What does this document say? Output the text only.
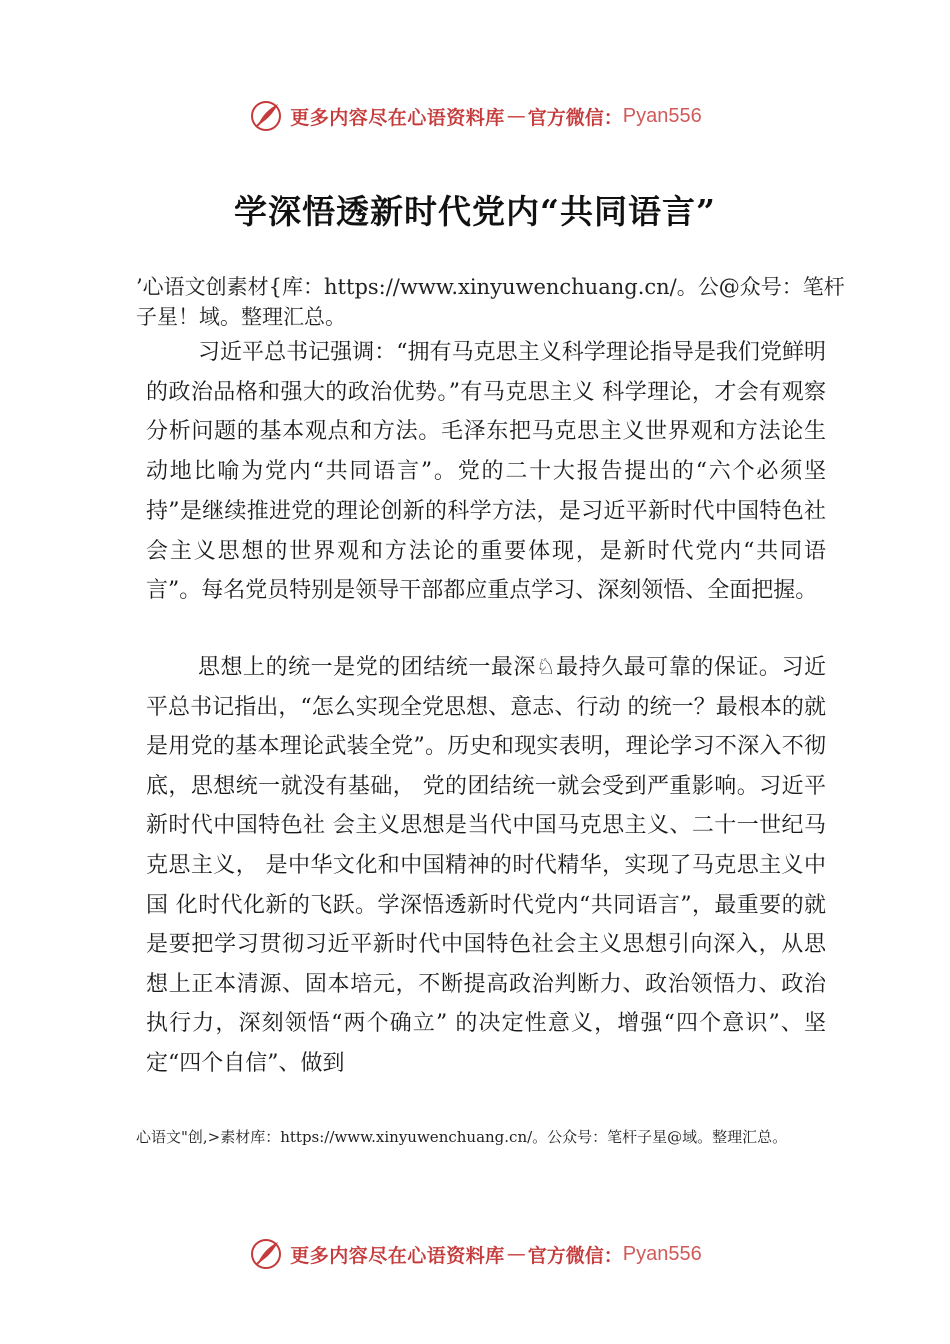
更多内容尽在心语资料库 — 官方微信： Pyan556
学深悟透新时代党内“共同语言”
’心语文创素材{库：https://www.xinyuwenchuang.cn/。公@众号：笔杆子星！域。整理汇总。
习近平总书记强调：“拥有马克思主义科学理论指导是我们党鲜明的政治品格和强大的政治优势。”有马克思主义 科学理论，才会有观察分析问题的基本观点和方法。毛泽东把马克思主义世界观和方法论生动地比喻为党内“共同语言”。党的二十大报告提出的“六个必须坚持”是继续推进党的理论创新的科学方法，是习近平新时代中国特色社会主义思想的世界观和方法论的重要体现，是新时代党内“共同语言”。每名党员特别是领导干部都应重点学习、深刻领悟、全面把握。
思想上的统一是党的团结统一最深♘最持久最可靠的保证。习近平总书记指出，“怎么实现全党思想、意志、行动 的统一？最根本的就是用党的基本理论武装全党”。历史和现实表明，理论学习不深入不彻底，思想统一就没有基础， 党的团结统一就会受到严重影响。习近平新时代中国特色社 会主义思想是当代中国马克思主义、二十一世纪马克思主义， 是中华文化和中国精神的时代精华，实现了马克思主义中国 化时代化新的飞跃。学深悟透新时代党内“共同语言”，最重要的就是要把学习贯彻习近平新时代中国特色社会主义思想引向深入，从思想上正本清源、固本培元，不断提高政治判断力、政治领悟力、政治执行力，深刻领悟“两个确立” 的决定性意义，增强“四个意识”、坚定“四个自信”、做到
心语文"创,>素材库：https://www.xinyuwenchuang.cn/。公众号：笔杆子星@域。整理汇总。
更多内容尽在心语资料库 — 官方微信： Pyan556
